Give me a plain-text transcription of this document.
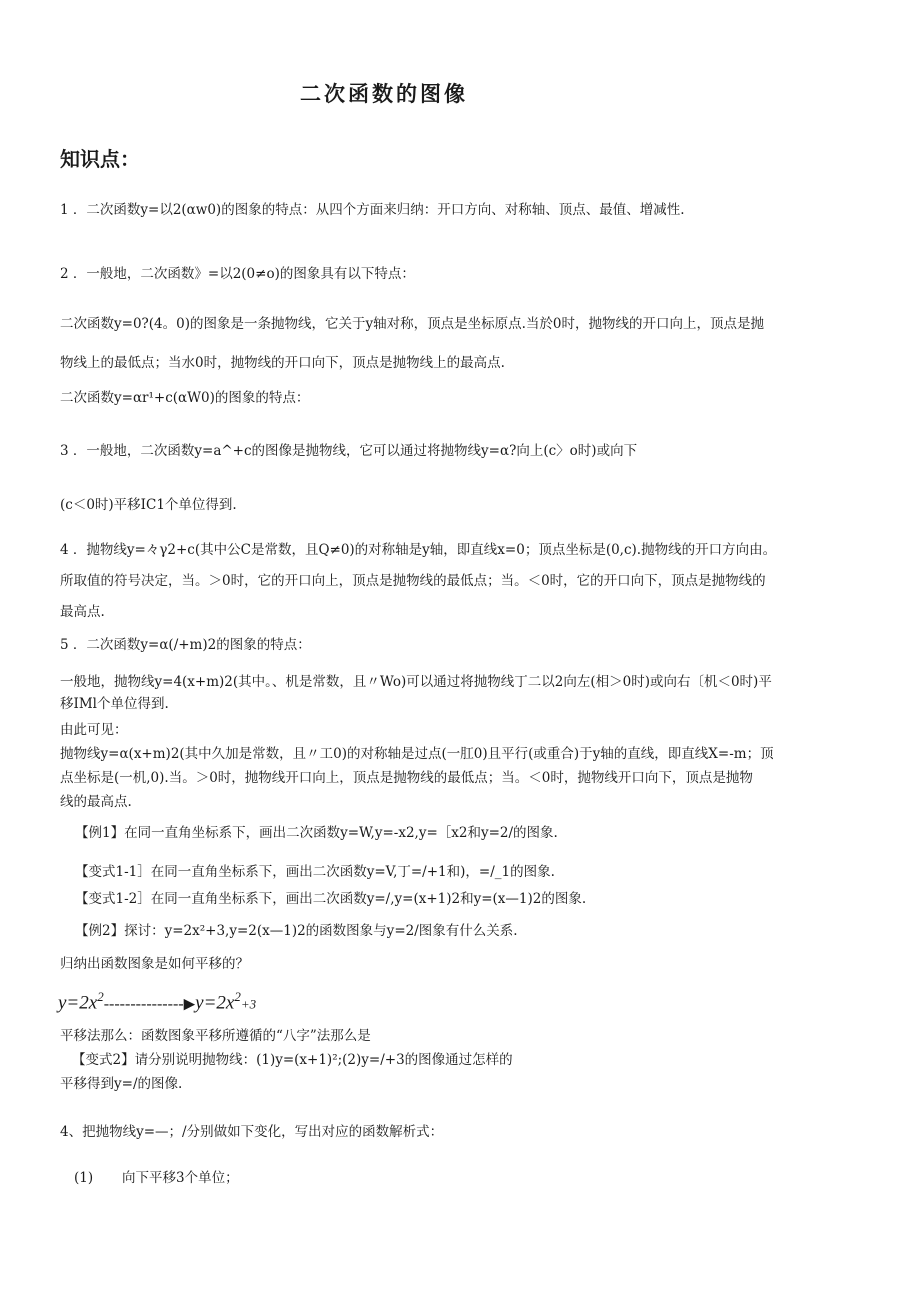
二次函数的图像
知识点：
1 ．二次函数y=以2(αw0)的图象的特点：从四个方面来归纳：开口方向、对称轴、顶点、最值、增减性.
2 ．一般地，二次函数》=以2(0≠o)的图象具有以下特点：
二次函数y=0?(4。0)的图象是一条抛物线，它关于y轴对称，顶点是坐标原点.当於0时，抛物线的开口向上，顶点是抛
物线上的最低点；当水0时，抛物线的开口向下，顶点是抛物线上的最高点.
二次函数y=αr¹+c(αW0)的图象的特点：
3 ．一般地，二次函数y=a^+c的图像是抛物线，它可以通过将抛物线y=α?向上(c〉o时)或向下
(c＜0时)平移IC1个单位得到.
4 ．抛物线y=々γ2+c(其中公C是常数，且Q≠0)的对称轴是y轴，即直线x=0；顶点坐标是(0,c).抛物线的开口方向由。
所取值的符号决定，当。＞0时，它的开口向上，顶点是抛物线的最低点；当。＜0时，它的开口向下，顶点是抛物线的
最高点.
5 ．二次函数y=α(/+m)2的图象的特点：
一般地，抛物线y=4(x+m)2(其中。、机是常数，且〃Wo)可以通过将抛物线丁二以2向左(相＞0时)或向右〔机＜0时)平
移IMl个单位得到.
由此可见：
抛物线y=α(x+m)2(其中久加是常数，且〃工0)的对称轴是过点(一肛0)且平行(或重合)于y轴的直线，即直线X=-m；顶
点坐标是(一机,0).当。＞0时，抛物线开口向上，顶点是抛物线的最低点；当。＜0时，抛物线开口向下，顶点是抛物
线的最高点.
【例1】在同一直角坐标系下，画出二次函数y=W,y=-x2,y=［x2和y=2/的图象.
【变式1-1］在同一直角坐标系下，画出二次函数y=V,丁=/+1和)，=/_1的图象.
【变式1-2］在同一直角坐标系下，画出二次函数y=/,y=(x+1)2和y=(x—1)2的图象.
【例2】探讨：y=2x²+3,y=2(x—1)2的函数图象与y=2/图象有什么关系.
归纳出函数图象是如何平移的？
$y=2x^2---------------▶y=2x^2+3$
平移法那么：函数图象平移所遵循的“八字”法那么是
【变式2】请分别说明抛物线：(1)y=(x+1)²;(2)y=/+3的图像通过怎样的
平移得到y=/的图像.
4、把抛物线y=—；/分别做如下变化，写出对应的函数解析式：
(1)	向下平移3个单位；
